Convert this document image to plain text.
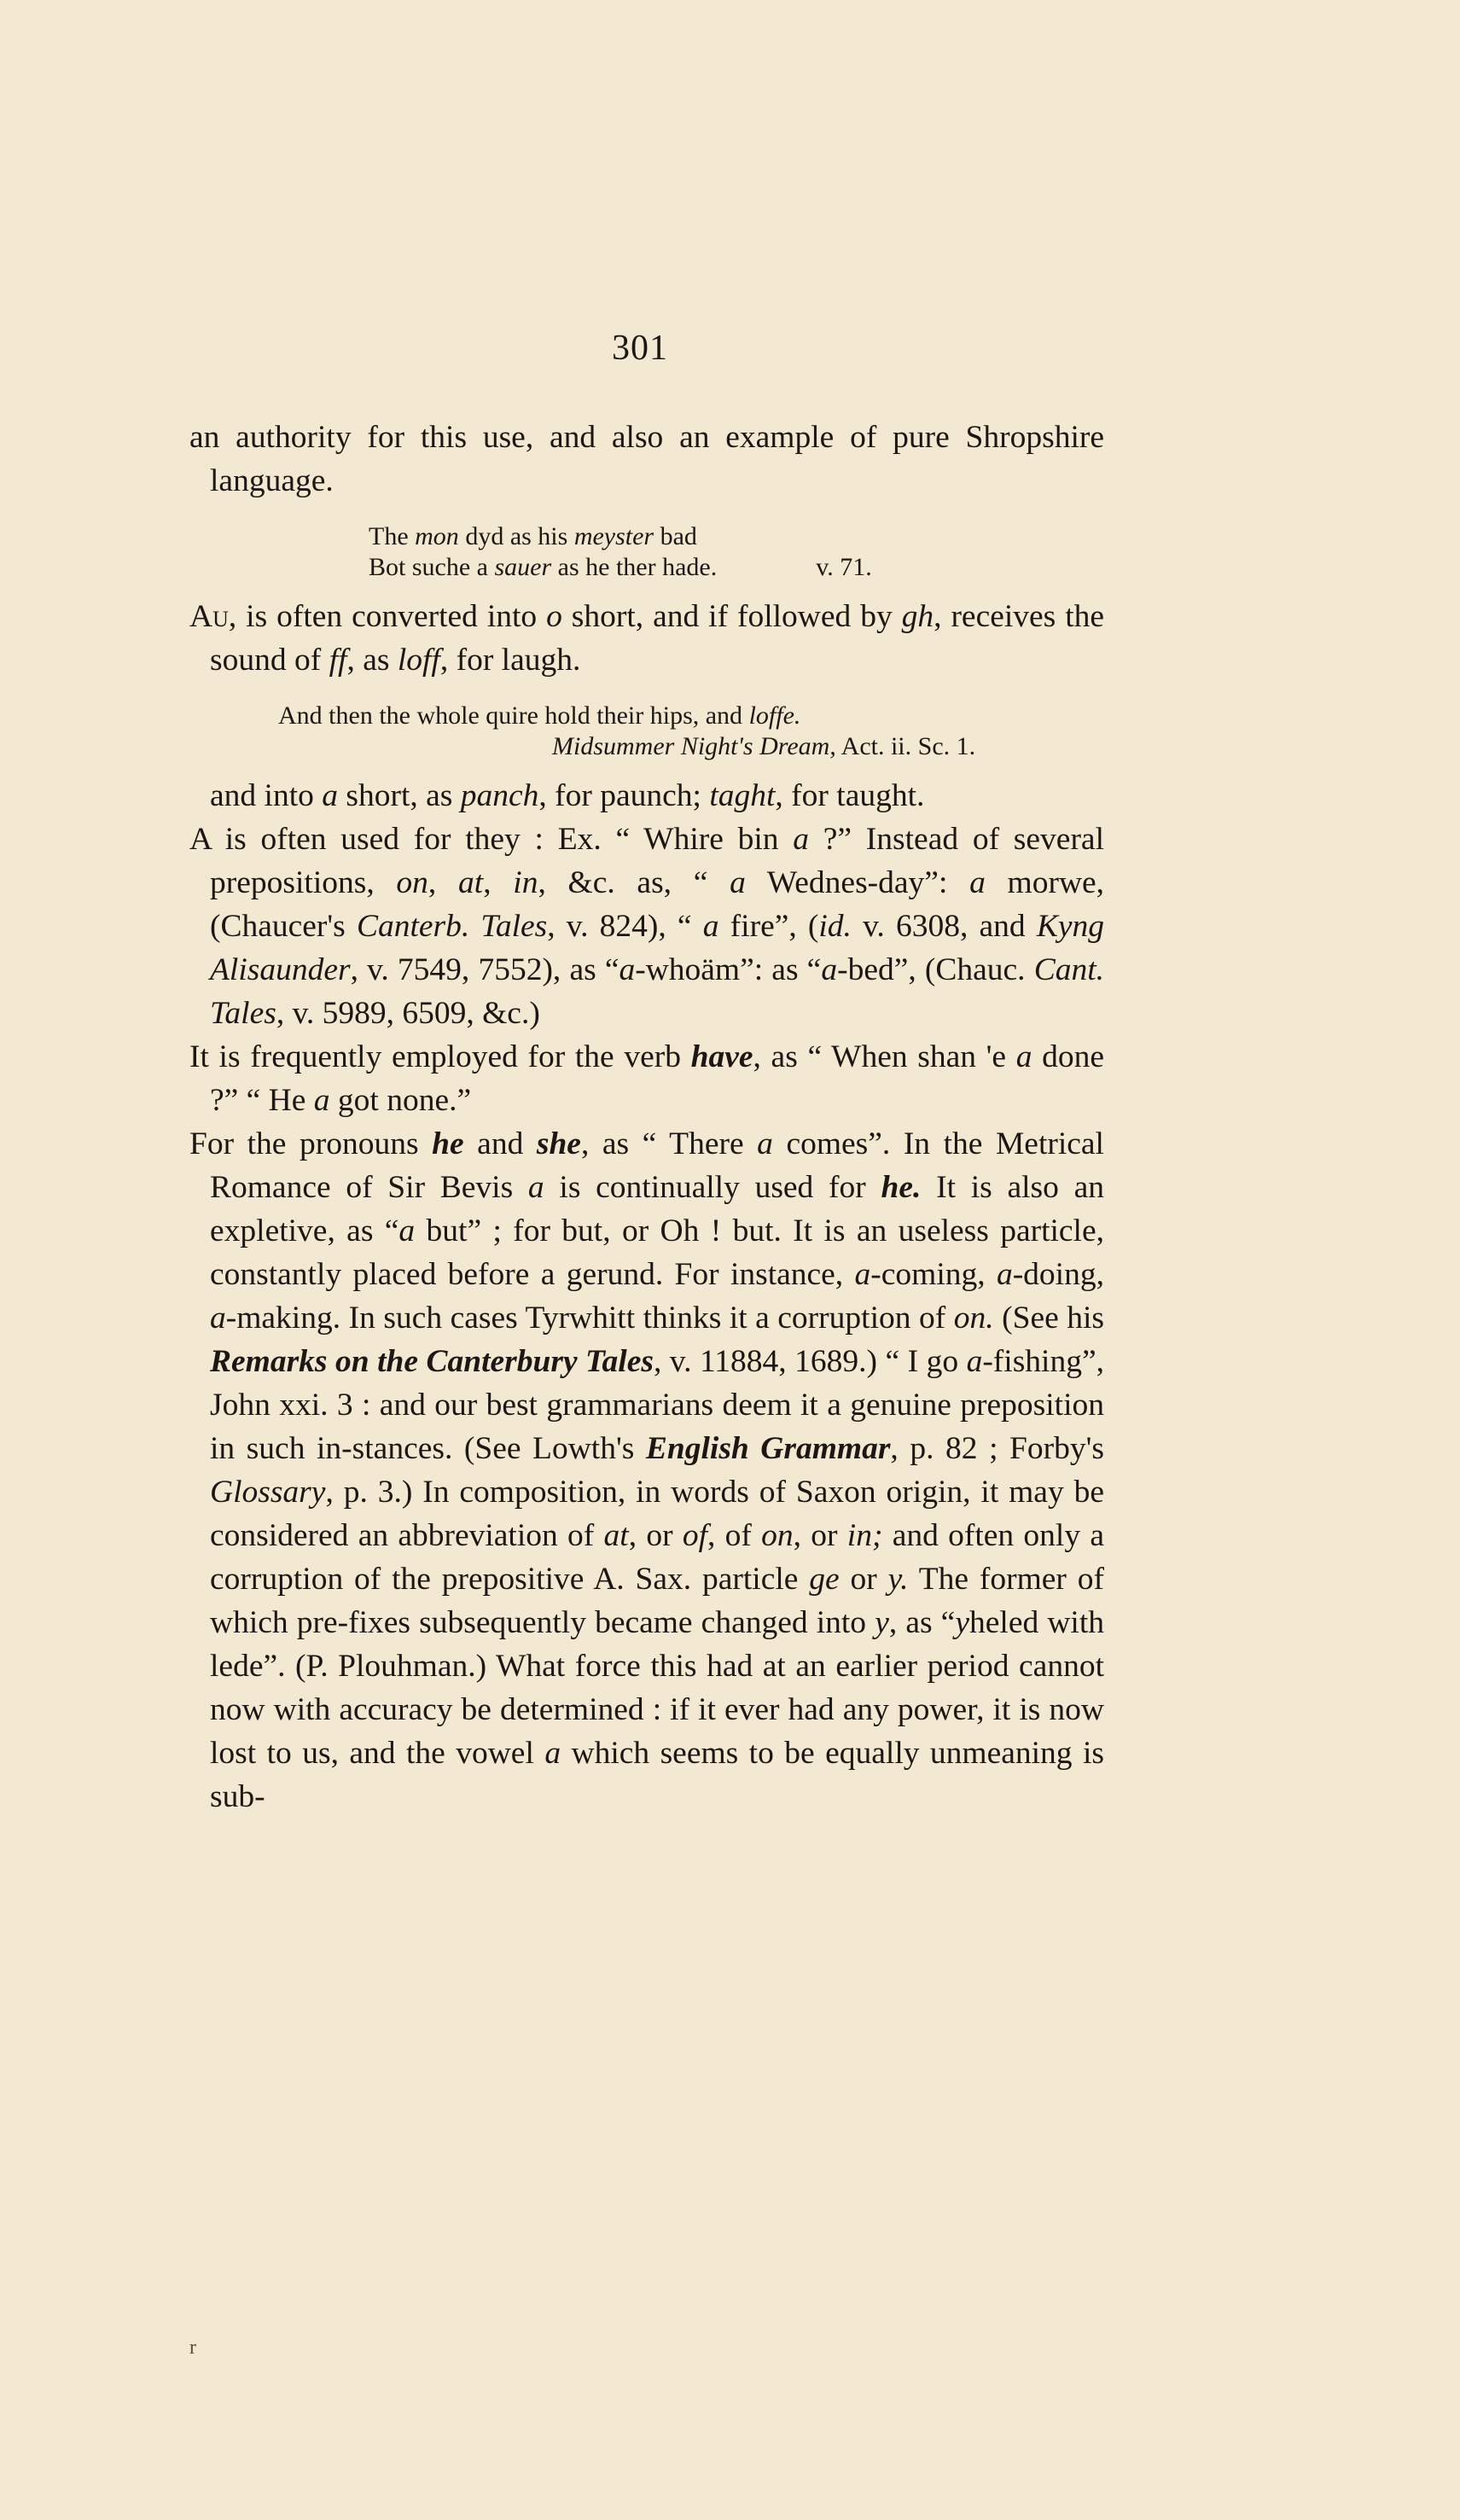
301

an authority for this use, and also an example of pure Shropshire language.

The mon dyd as his meyster bad
Bot suche a sauer as he ther hade.	v. 71.

Au, is often converted into o short, and if followed by gh, receives the sound of ff, as loff, for laugh.

And then the whole quire hold their hips, and loffe.
Midsummer Night's Dream, Act. ii. Sc. 1.

and into a short, as panch, for paunch; taght, for taught.

A is often used for they : Ex. “ Whire bin a ?” Instead of several prepositions, on, at, in, &c. as, “ a Wednes-day”: a morwe, (Chaucer's Canterb. Tales, v. 824), “ a fire”, (id. v. 6308, and Kyng Alisaunder, v. 7549, 7552), as “a-whoäm”: as “a-bed”, (Chauc. Cant. Tales, v. 5989, 6509, &c.)

It is frequently employed for the verb have, as “ When shan 'e a done ?” “ He a got none.”

For the pronouns he and she, as “ There a comes”. In the Metrical Romance of Sir Bevis a is continually used for he. It is also an expletive, as “a but” ; for but, or Oh ! but. It is an useless particle, constantly placed before a gerund. For instance, a-coming, a-doing, a-making. In such cases Tyrwhitt thinks it a corruption of on. (See his Remarks on the Canterbury Tales, v. 11884, 1689.) “ I go a-fishing”, John xxi. 3 : and our best grammarians deem it a genuine preposition in such in-stances. (See Lowth's English Grammar, p. 82 ; Forby's Glossary, p. 3.) In composition, in words of Saxon origin, it may be considered an abbreviation of at, or of, of on, or in; and often only a corruption of the prepositive A. Sax. particle ge or y. The former of which pre-fixes subsequently became changed into y, as “yheled with lede”. (P. Plouhman.) What force this had at an earlier period cannot now with accuracy be determined : if it ever had any power, it is now lost to us, and the vowel a which seems to be equally unmeaning is sub-

r
